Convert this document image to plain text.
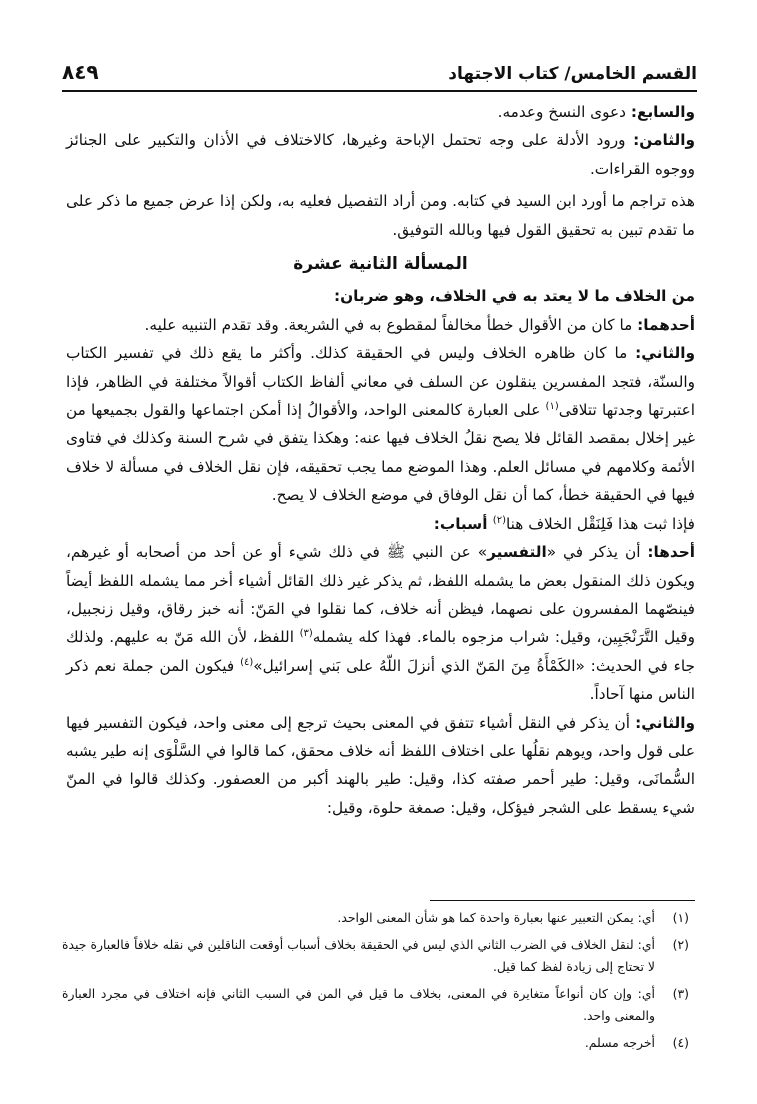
القسم الخامس/ كتاب الاجتهاد
٨٤٩

والسابع: دعوى النسخ وعدمه.

والثامن: ورود الأدلة على وجه تحتمل الإباحة وغيرها، كالاختلاف في الأذان والتكبير على الجنائز ووجوه القراءات.

هذه تراجم ما أورد ابن السيد في كتابه. ومن أراد التفصيل فعليه به، ولكن إذا عرض جميع ما ذكر على ما تقدم تبين به تحقيق القول فيها وبالله التوفيق.

المسألة الثانية عشرة

من الخلاف ما لا يعتد به في الخلاف، وهو ضربان:

أحدهما: ما كان من الأقوال خطأ مخالفاً لمقطوع به في الشريعة. وقد تقدم التنبيه عليه.

والثاني: ما كان ظاهره الخلاف وليس في الحقيقة كذلك. وأكثر ما يقع ذلك في تفسير الكتاب والسنّة، فتجد المفسرين ينقلون عن السلف في معاني ألفاظ الكتاب أقوالاً مختلفة في الظاهر، فإذا اعتبرتها وجدتها تتلاقى$^{(١)}$ على العبارة كالمعنى الواحد، والأقوالُ إذا أمكن اجتماعها والقول بجميعها من غير إخلال بمقصد القائل فلا يصح نقلُ الخلاف فيها عنه: وهكذا يتفق في شرح السنة وكذلك في فتاوى الأئمة وكلامهم في مسائل العلم. وهذا الموضع مما يجب تحقيقه، فإن نقل الخلاف في مسألة لا خلاف فيها في الحقيقة خطأ، كما أن نقل الوفاق في موضع الخلاف لا يصح.

فإذا ثبت هذا فَلِنَقْل الخلاف هنا$^{(٢)}$ أسباب:

أحدها: أن يذكر في «التفسير» عن النبي ﷺ في ذلك شيء أو عن أحد من أصحابه أو غيرهم، ويكون ذلك المنقول بعض ما يشمله اللفظ، ثم يذكر غير ذلك القائل أشياء أخر مما يشمله اللفظ أيضاً فينصّهما المفسرون على نصهما، فيظن أنه خلاف، كما نقلوا في المَنّ: أنه خبز رقاق، وقيل زنجبيل، وقيل التَّرَنْجَبِين، وقيل: شراب مزجوه بالماء. فهذا كله يشمله$^{(٣)}$ اللفظ، لأن الله مَنّ به عليهم. ولذلك جاء في الحديث: «الكَمْأَةُ مِنَ المَنّ الذي أنزلَ اللّهُ على بَني إسرائيل»$^{(٤)}$ فيكون المن جملة نعم ذكر الناس منها آحاداً.

والثاني: أن يذكر في النقل أشياء تتفق في المعنى بحيث ترجع إلى معنى واحد، فيكون التفسير فيها على قول واحد، ويوهم نقلُها على اختلاف اللفظ أنه خلاف محقق، كما قالوا في السَّلْوَى إنه طير يشبه السُّمانَى، وقيل: طير أحمر صفته كذا، وقيل: طير بالهند أكبر من العصفور. وكذلك قالوا في المنّ شيء يسقط على الشجر فيؤكل، وقيل: صمغة حلوة، وقيل:

(١)
أي: يمكن التعبير عنها بعبارة واحدة كما هو شأن المعنى الواحد.
(٢)
أي: لنقل الخلاف في الضرب الثاني الذي ليس في الحقيقة بخلاف أسباب أوقعت الناقلين في نقله خلافاً فالعبارة جيدة لا تحتاج إلى زيادة لفظ كما قيل.
(٣)
أي: وإن كان أنواعاً متغايرة في المعنى، بخلاف ما قيل في المن في السبب الثاني فإنه اختلاف في مجرد العبارة والمعنى واحد.
(٤)
أخرجه مسلم.
